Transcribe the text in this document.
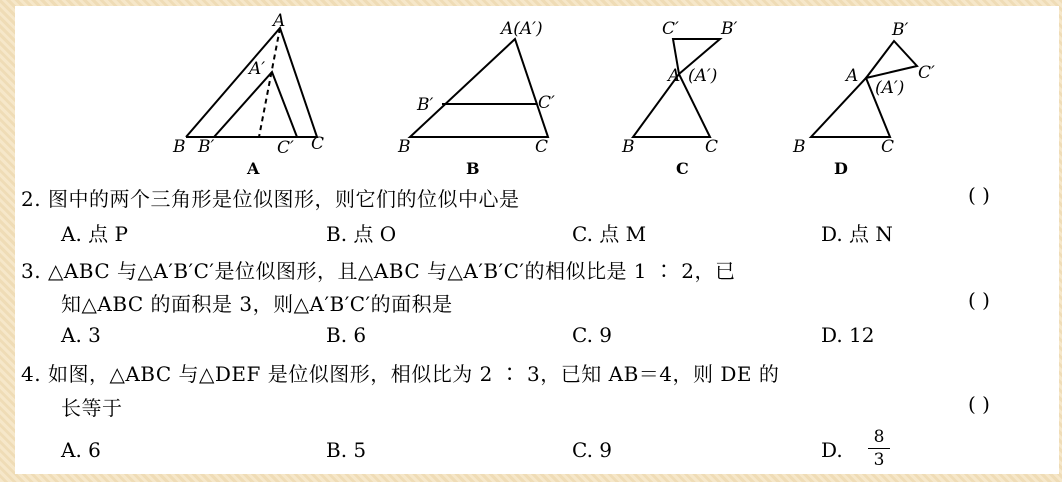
A
A′
B B′	C′ C
A
A(A′)
B′	C′
B	C
B
C′ B′
A (A′)
B	C
C
B′
C′
A
(A′)
B	C
D
2. 图中的两个三角形是位似图形，则它们的位似中心是	( )
A. 点 P	B. 点 O	C. 点 M	D. 点 N
3. △ABC 与△A′B′C′是位似图形，且△ABC 与△A′B′C′的相似比是 1 ∶ 2，已
知△ABC 的面积是 3，则△A′B′C′的面积是	( )
A. 3	B. 6	C. 9	D. 12
4. 如图，△ABC 与△DEF 是位似图形，相似比为 2 ∶ 3，已知 AB＝4，则 DE 的
长等于	( )
A. 6	B. 5	C. 9	D.
8
3
